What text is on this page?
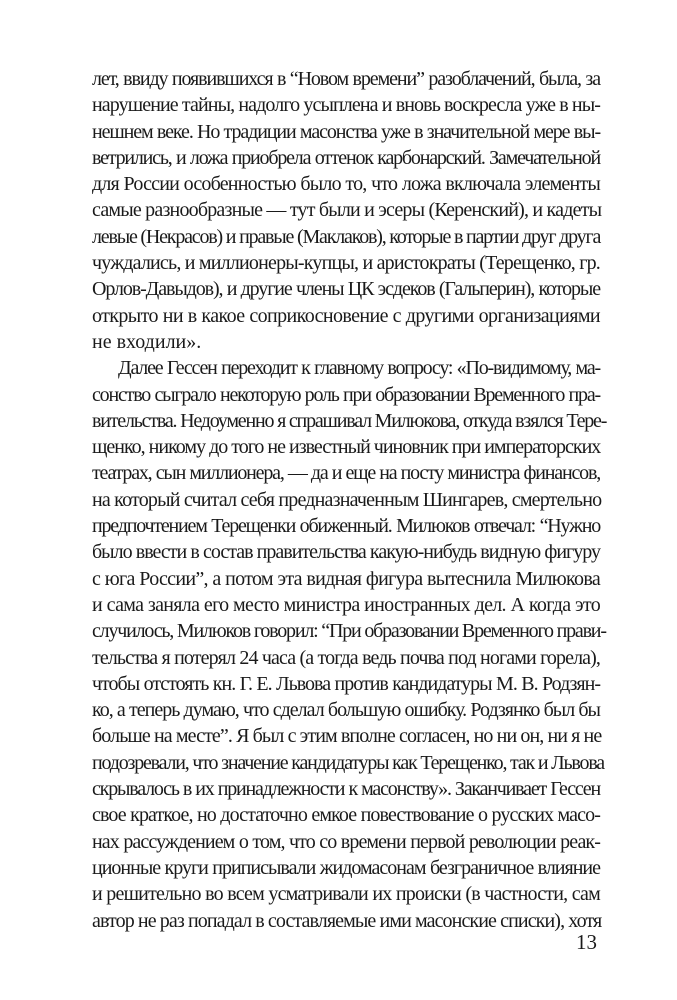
лет, ввиду появившихся в “Новом времени” разоблачений, была, за
нарушение тайны, надолго усыплена и вновь воскресла уже в ны-
нешнем веке. Но традиции масонства уже в значительной мере вы-
ветрились, и ложа приобрела оттенок карбонарский. Замечательной
для России особенностью было то, что ложа включала элементы
самые разнообразные — тут были и эсеры (Керенский), и кадеты
левые (Некрасов) и правые (Маклаков), которые в партии друг друга
чуждались, и миллионеры-купцы, и аристократы (Терещенко, гр.
Орлов-Давыдов), и другие члены ЦК эсдеков (Гальперин), которые
открыто ни в какое соприкосновение с другими организациями
не входили».
Далее Гессен переходит к главному вопросу: «По-видимому, ма-
сонство сыграло некоторую роль при образовании Временного пра-
вительства. Недоуменно я спрашивал Милюкова, откуда взялся Тере-
щенко, никому до того не известный чиновник при императорских
театрах, сын миллионера, — да и еще на посту министра финансов,
на который считал себя предназначенным Шингарев, смертельно
предпочтением Терещенки обиженный. Милюков отвечал: “Нужно
было ввести в состав правительства какую-нибудь видную фигуру
с юга России”, а потом эта видная фигура вытеснила Милюкова
и сама заняла его место министра иностранных дел. А когда это
случилось, Милюков говорил: “При образовании Временного прави-
тельства я потерял 24 часа (а тогда ведь почва под ногами горела),
чтобы отстоять кн. Г. Е. Львова против кандидатуры М. В. Родзян-
ко, а теперь думаю, что сделал большую ошибку. Родзянко был бы
больше на месте”. Я был с этим вполне согласен, но ни он, ни я не
подозревали, что значение кандидатуры как Терещенко, так и Львова
скрывалось в их принадлежности к масонству». Заканчивает Гессен
свое краткое, но достаточно емкое повествование о русских масо-
нах рассуждением о том, что со времени первой революции реак-
ционные круги приписывали жидомасонам безграничное влияние
и решительно во всем усматривали их происки (в частности, сам
автор не раз попадал в составляемые ими масонские списки), хотя
13
